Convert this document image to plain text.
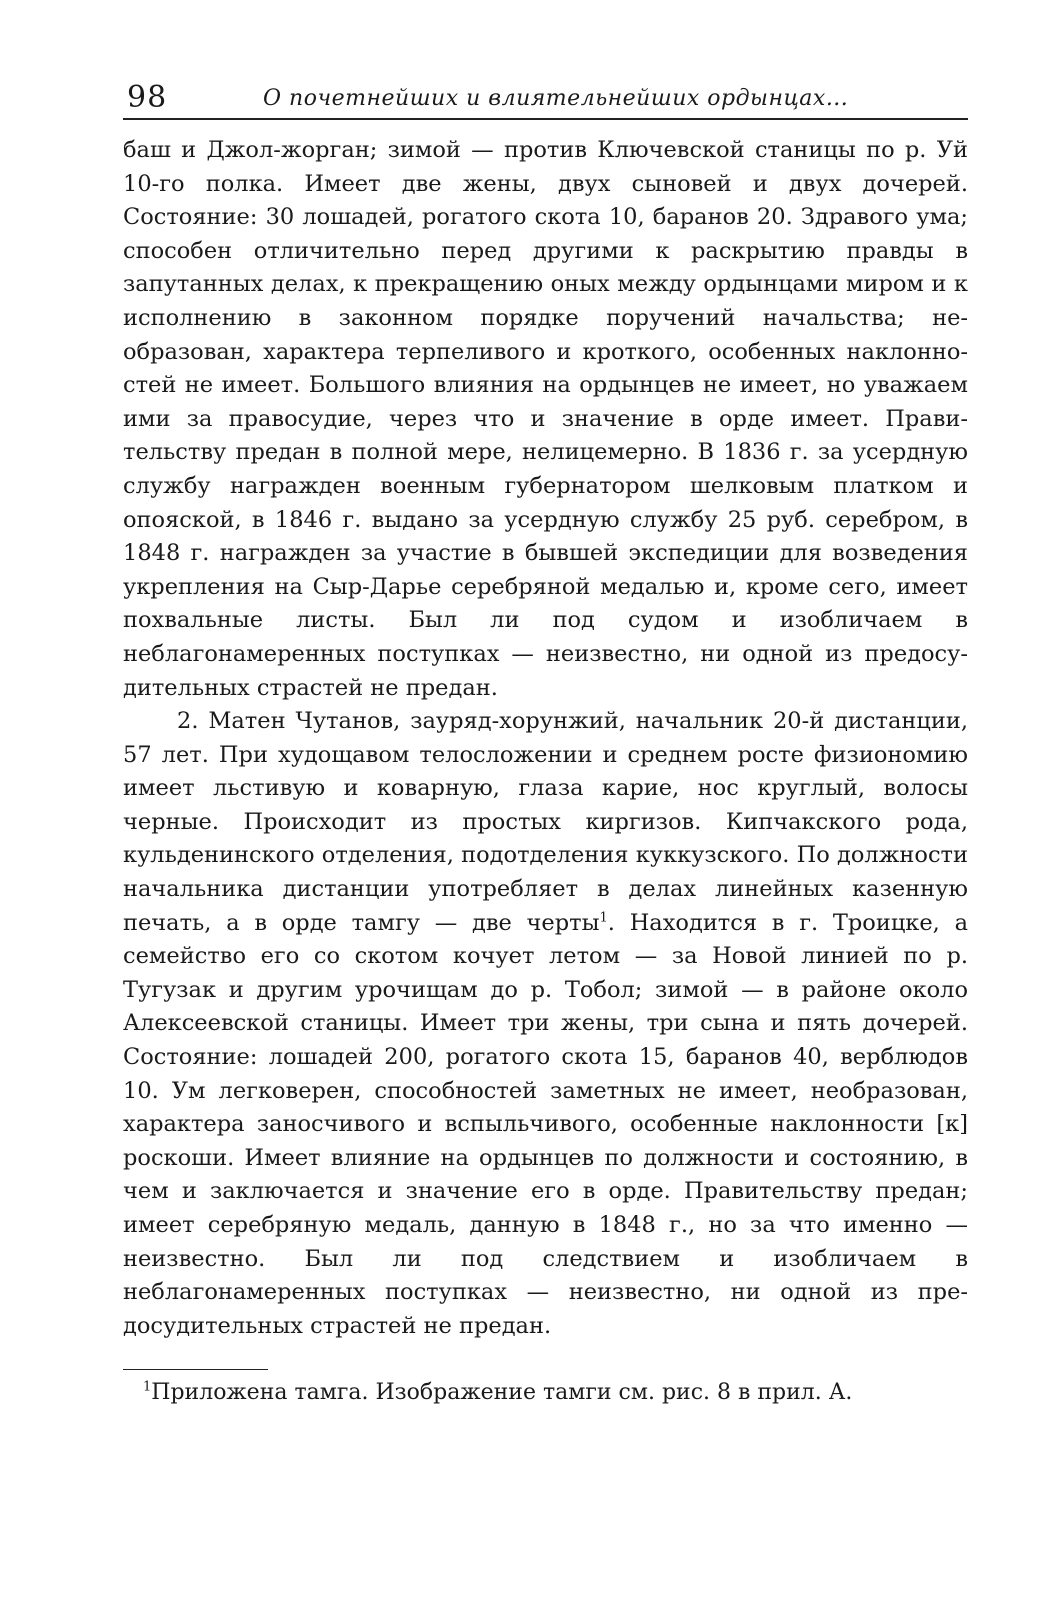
98	О почетнейших и влиятельнейших ордынцах...

баш и Джол-жорган; зимой — против Ключевской станицы по р. Уй 10-го полка. Имеет две жены, двух сыновей и двух дочерей. Состояние: 30 лошадей, рогатого скота 10, баранов 20. Здравого ума; способен отличительно перед другими к раскрытию правды в запутанных делах, к прекращению оных между ордынцами миром и к исполнению в законном порядке поручений начальства; необразован, характера терпеливого и кроткого, особенных наклонностей не имеет. Большого влияния на ордынцев не имеет, но уважаем ими за правосудие, через что и значение в орде имеет. Правительству предан в полной мере, нелицемерно. В 1836 г. за усердную службу награжден военным губернатором шелковым платком и опояской, в 1846 г. выдано за усердную службу 25 руб. серебром, в 1848 г. награжден за участие в бывшей экспедиции для возведения укрепления на Сыр-Дарье серебряной медалью и, кроме сего, имеет похвальные листы. Был ли под судом и изобличаем в неблагонамеренных поступках — неизвестно, ни одной из предосудительных страстей не предан.

2. Матен Чутанов, зауряд-хорунжий, начальник 20-й дистанции, 57 лет. При худощавом телосложении и среднем росте физиономию имеет льстивую и коварную, глаза карие, нос круглый, волосы черные. Происходит из простых киргизов. Кипчакского рода, кульденинского отделения, подотделения куккузского. По должности начальника дистанции употребляет в делах линейных казенную печать, а в орде тамгу — две черты$^1$. Находится в г. Троицке, а семейство его со скотом кочует летом — за Новой линией по р. Тугузак и другим урочищам до р. Тобол; зимой — в районе около Алексеевской станицы. Имеет три жены, три сына и пять дочерей. Состояние: лошадей 200, рогатого скота 15, баранов 40, верблюдов 10. Ум легковерен, способностей заметных не имеет, необразован, характера заносчивого и вспыльчивого, особенные наклонности [к] роскоши. Имеет влияние на ордынцев по должности и состоянию, в чем и заключается и значение его в орде. Правительству предан; имеет серебряную медаль, данную в 1848 г., но за что именно — неизвестно. Был ли под следствием и изобличаем в неблагонамеренных поступках — неизвестно, ни одной из предосудительных страстей не предан.

$^1$Приложена тамга. Изображение тамги см. рис. 8 в прил. А.
